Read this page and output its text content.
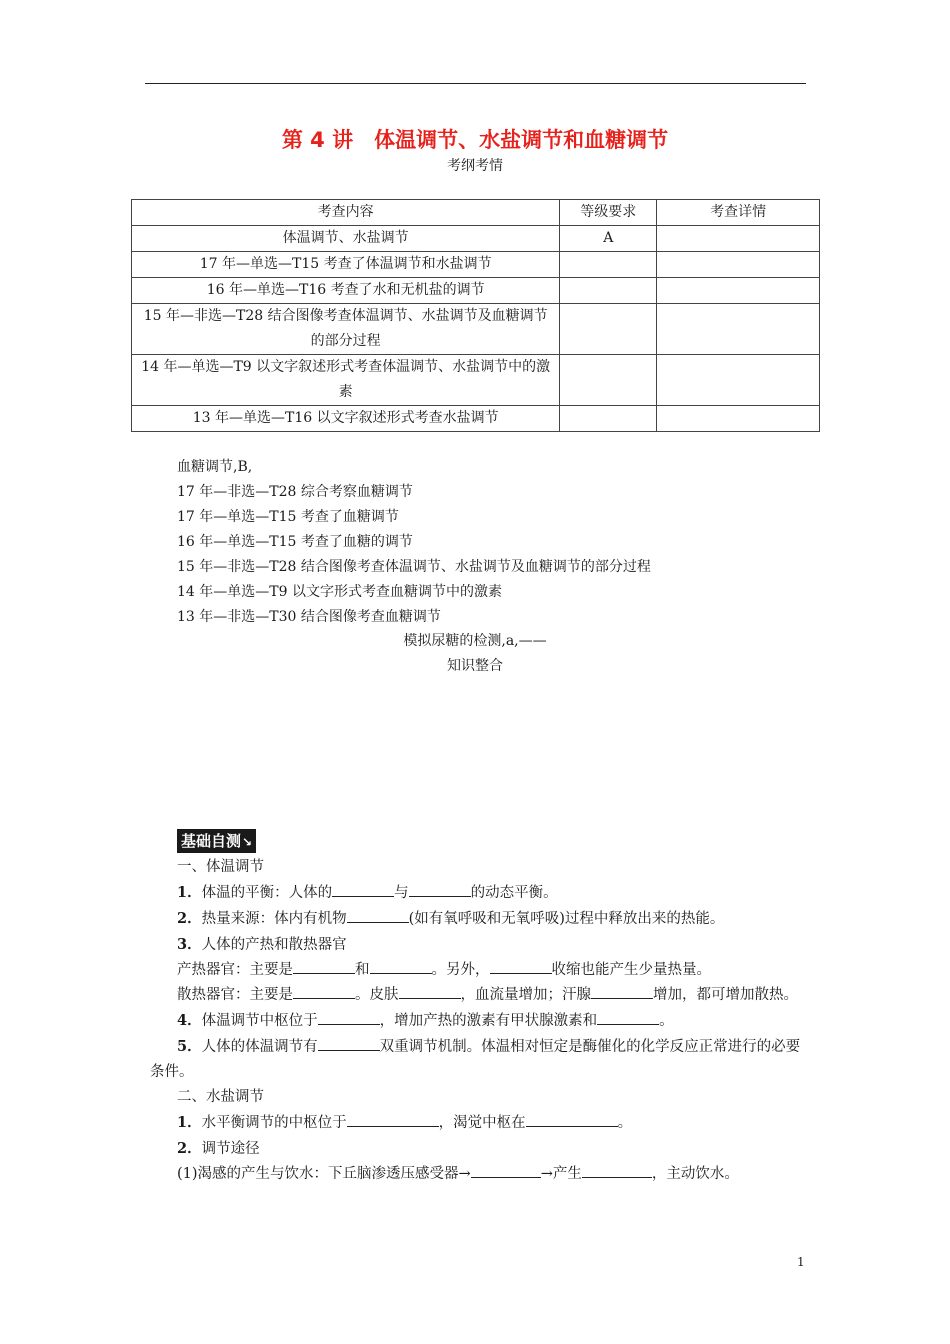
第 4 讲　体温调节、水盐调节和血糖调节
考纲考情
考查内容	等级要求	考查详情
体温调节、水盐调节	A	
17 年—单选—T15 考查了体温调节和水盐调节		
16 年—单选—T16 考查了水和无机盐的调节		
15 年—非选—T28 结合图像考查体温调节、水盐调节及血糖调节的部分过程		
14 年—单选—T9 以文字叙述形式考查体温调节、水盐调节中的激素		
13 年—单选—T16 以文字叙述形式考查水盐调节		
血糖调节,B,
17 年—非选—T28 综合考察血糖调节
17 年—单选—T15 考查了血糖调节
16 年—单选—T15 考查了血糖的调节
15 年—非选—T28 结合图像考查体温调节、水盐调节及血糖调节的部分过程
14 年—单选—T9 以文字形式考查血糖调节中的激素
13 年—非选—T30 结合图像考查血糖调节
模拟尿糖的检测,a,——
知识整合
基础自测↘

一、体温调节

1．体温的平衡：人体的	与	的动态平衡。

2．热量来源：体内有机物	(如有氧呼吸和无氧呼吸)过程中释放出来的热能。

3．人体的产热和散热器官

产热器官：主要是	和	。另外，	收缩也能产生少量热量。

散热器官：主要是	。皮肤	，血流量增加；汗腺	增加，都可增加散热。

4．体温调节中枢位于	，增加产热的激素有甲状腺激素和	。

5．人体的体温调节有	双重调节机制。体温相对恒定是酶催化的化学反应正常进行的必要条件。

二、水盐调节

1．水平衡调节的中枢位于	，渴觉中枢在	。

2．调节途径

(1)渴感的产生与饮水：下丘脑渗透压感受器→	→产生	，主动饮水。

1
